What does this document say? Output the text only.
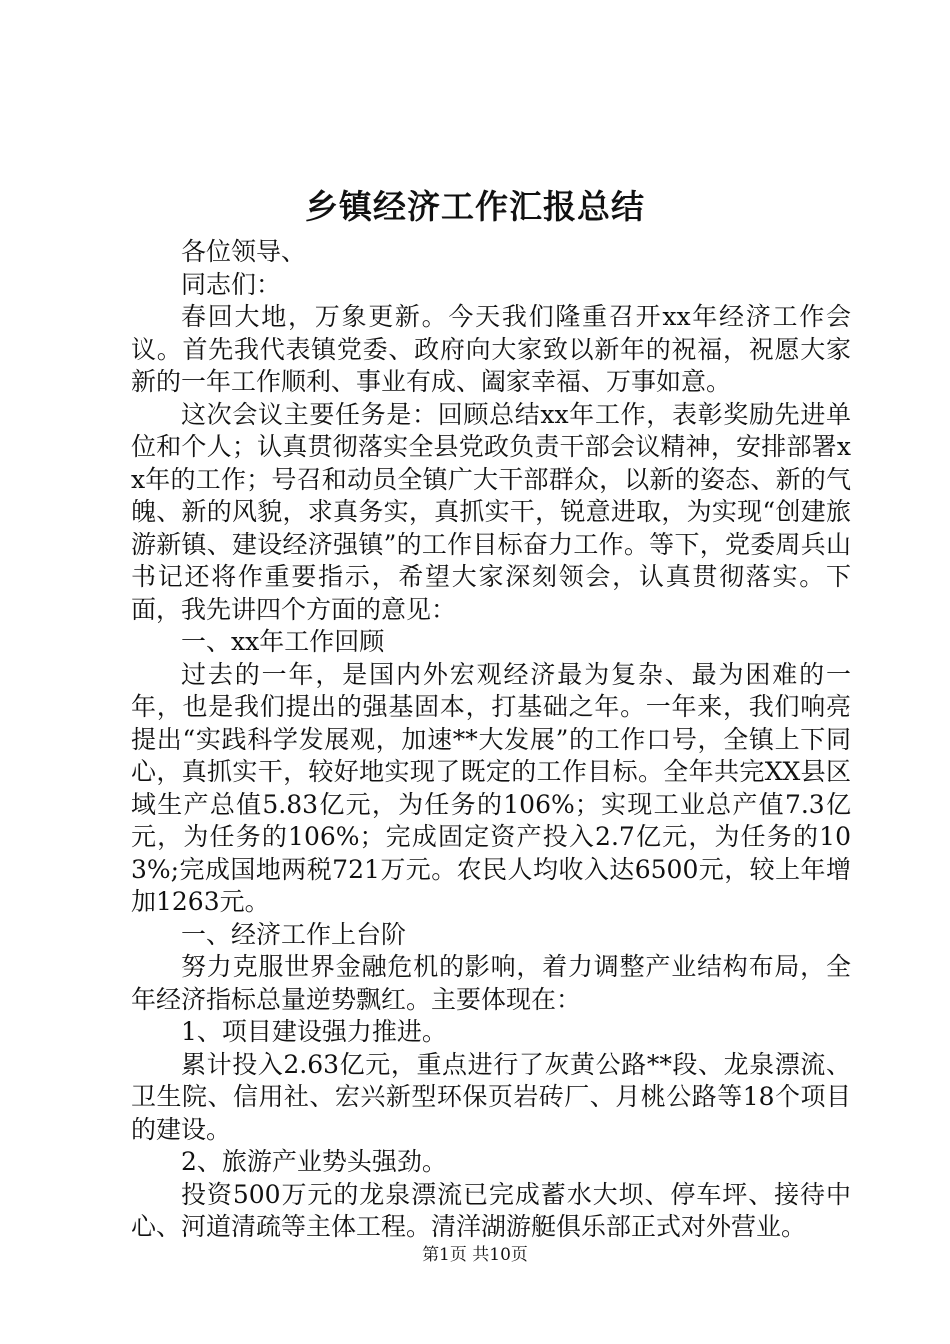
乡镇经济工作汇报总结

各位领导、

同志们：

春回大地，万象更新。今天我们隆重召开xx年经济工作会议。首先我代表镇党委、政府向大家致以新年的祝福，祝愿大家新的一年工作顺利、事业有成、阖家幸福、万事如意。

这次会议主要任务是：回顾总结xx年工作，表彰奖励先进单位和个人；认真贯彻落实全县党政负责干部会议精神，安排部署xx年的工作；号召和动员全镇广大干部群众，以新的姿态、新的气魄、新的风貌，求真务实，真抓实干，锐意进取，为实现“创建旅游新镇、建设经济强镇”的工作目标奋力工作。等下，党委周兵山书记还将作重要指示，希望大家深刻领会，认真贯彻落实。下面，我先讲四个方面的意见：

一、xx年工作回顾

过去的一年，是国内外宏观经济最为复杂、最为困难的一年，也是我们提出的强基固本，打基础之年。一年来，我们响亮提出“实践科学发展观，加速**大发展”的工作口号，全镇上下同心，真抓实干，较好地实现了既定的工作目标。全年共完XX县区域生产总值5.83亿元，为任务的106%；实现工业总产值7.3亿元，为任务的106%；完成固定资产投入2.7亿元，为任务的103%;完成国地两税721万元。农民人均收入达6500元，较上年增加1263元。

一、经济工作上台阶

努力克服世界金融危机的影响，着力调整产业结构布局，全年经济指标总量逆势飘红。主要体现在：

1、项目建设强力推进。

累计投入2.63亿元，重点进行了灰黄公路**段、龙泉漂流、卫生院、信用社、宏兴新型环保页岩砖厂、月桃公路等18个项目的建设。

2、旅游产业势头强劲。

投资500万元的龙泉漂流已完成蓄水大坝、停车坪、接待中心、河道清疏等主体工程。清洋湖游艇俱乐部正式对外营业。

第1页 共10页
